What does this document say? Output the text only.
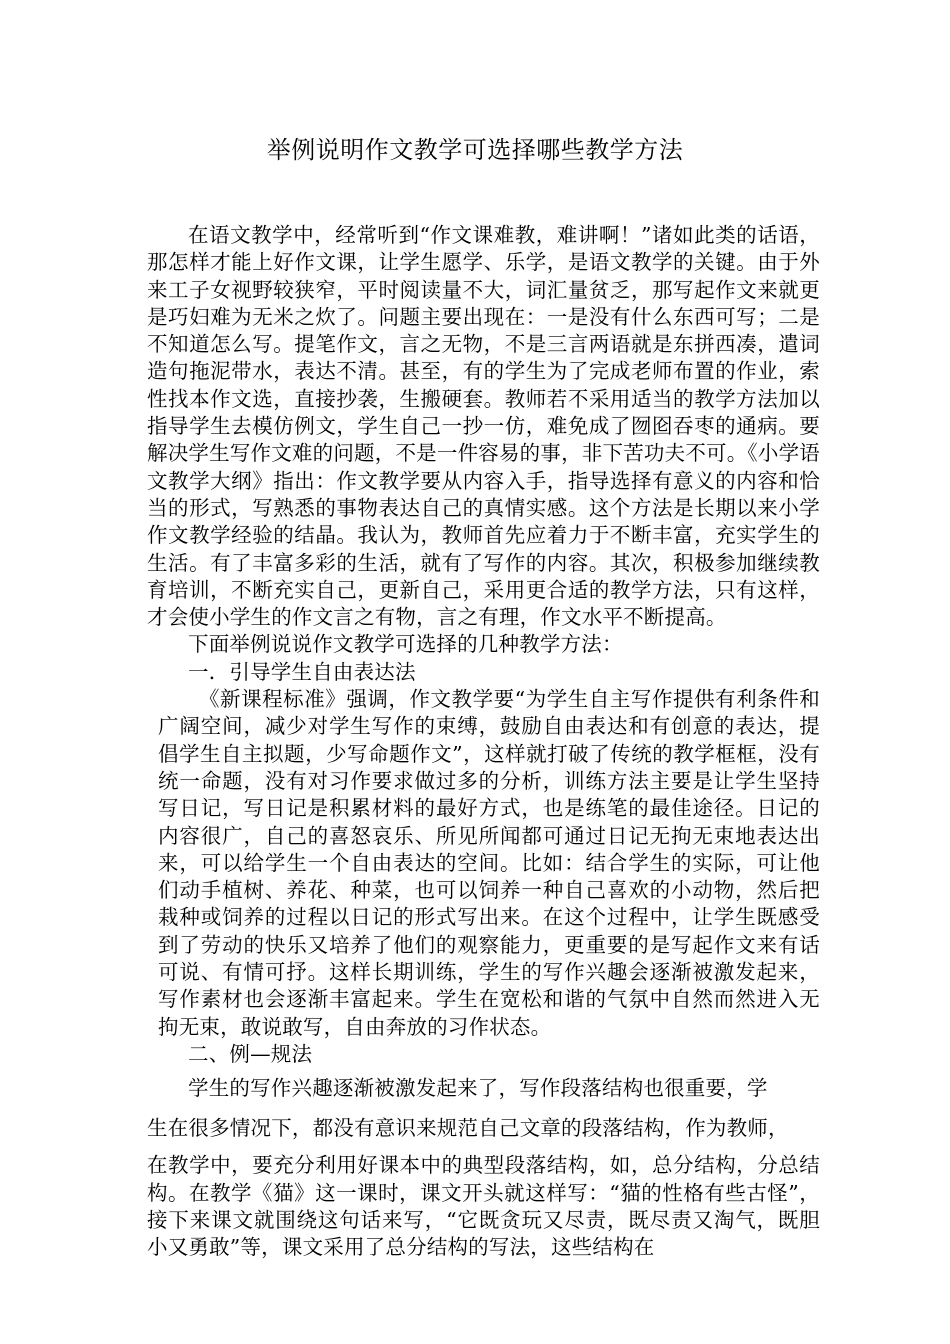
举例说明作文教学可选择哪些教学方法

在语文教学中，经常听到“作文课难教，难讲啊！”诸如此类的话语，那怎样才能上好作文课，让学生愿学、乐学，是语文教学的关键。由于外来工子女视野较狭窄，平时阅读量不大，词汇量贫乏，那写起作文来就更是巧妇难为无米之炊了。问题主要出现在：一是没有什么东西可写；二是不知道怎么写。提笔作文，言之无物，不是三言两语就是东拼西凑，遣词造句拖泥带水，表达不清。甚至，有的学生为了完成老师布置的作业，索性找本作文选，直接抄袭，生搬硬套。教师若不采用适当的教学方法加以指导学生去模仿例文，学生自己一抄一仿，难免成了囫囵吞枣的通病。要解决学生写作文难的问题，不是一件容易的事，非下苦功夫不可。《小学语文教学大纲》指出：作文教学要从内容入手，指导选择有意义的内容和恰当的形式，写熟悉的事物表达自己的真情实感。这个方法是长期以来小学作文教学经验的结晶。我认为，教师首先应着力于不断丰富，充实学生的生活。有了丰富多彩的生活，就有了写作的内容。其次，积极参加继续教育培训，不断充实自己，更新自己，采用更合适的教学方法，只有这样，才会使小学生的作文言之有物，言之有理，作文水平不断提高。

下面举例说说作文教学可选择的几种教学方法：

一．引导学生自由表达法

《新课程标准》强调，作文教学要“为学生自主写作提供有利条件和广阔空间，减少对学生写作的束缚，鼓励自由表达和有创意的表达，提倡学生自主拟题，少写命题作文”，这样就打破了传统的教学框框，没有统一命题，没有对习作要求做过多的分析，训练方法主要是让学生坚持写日记，写日记是积累材料的最好方式，也是练笔的最佳途径。日记的内容很广，自己的喜怒哀乐、所见所闻都可通过日记无拘无束地表达出来，可以给学生一个自由表达的空间。比如：结合学生的实际，可让他们动手植树、养花、种菜，也可以饲养一种自己喜欢的小动物，然后把栽种或饲养的过程以日记的形式写出来。在这个过程中，让学生既感受到了劳动的快乐又培养了他们的观察能力，更重要的是写起作文来有话可说、有情可抒。这样长期训练，学生的写作兴趣会逐渐被激发起来，写作素材也会逐渐丰富起来。学生在宽松和谐的气氛中自然而然进入无拘无束，敢说敢写，自由奔放的习作状态。

二、例—规法

学生的写作兴趣逐渐被激发起来了，写作段落结构也很重要，学

生在很多情况下，都没有意识来规范自己文章的段落结构，作为教师，

在教学中，要充分利用好课本中的典型段落结构，如，总分结构，分总结构。在教学《猫》这一课时，课文开头就这样写：“猫的性格有些古怪”，接下来课文就围绕这句话来写，“它既贪玩又尽责，既尽责又淘气，既胆小又勇敢”等，课文采用了总分结构的写法，这些结构在
